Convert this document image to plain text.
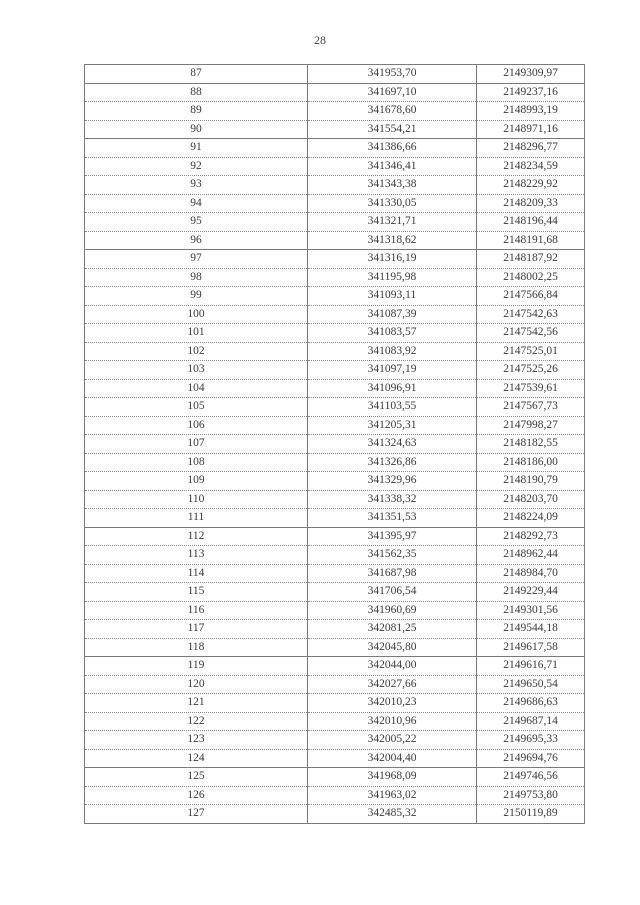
28
87	341953,70	2149309,97
88	341697,10	2149237,16
89	341678,60	2148993,19
90	341554,21	2148971,16
91	341386,66	2148296,77
92	341346,41	2148234,59
93	341343,38	2148229,92
94	341330,05	2148209,33
95	341321,71	2148196,44
96	341318,62	2148191,68
97	341316,19	2148187,92
98	341195,98	2148002,25
99	341093,11	2147566,84
100	341087,39	2147542,63
101	341083,57	2147542,56
102	341083,92	2147525,01
103	341097,19	2147525,26
104	341096,91	2147539,61
105	341103,55	2147567,73
106	341205,31	2147998,27
107	341324,63	2148182,55
108	341326,86	2148186,00
109	341329,96	2148190,79
110	341338,32	2148203,70
111	341351,53	2148224,09
112	341395,97	2148292,73
113	341562,35	2148962,44
114	341687,98	2148984,70
115	341706,54	2149229,44
116	341960,69	2149301,56
117	342081,25	2149544,18
118	342045,80	2149617,58
119	342044,00	2149616,71
120	342027,66	2149650,54
121	342010,23	2149686,63
122	342010,96	2149687,14
123	342005,22	2149695,33
124	342004,40	2149694,76
125	341968,09	2149746,56
126	341963,02	2149753,80
127	342485,32	2150119,89
